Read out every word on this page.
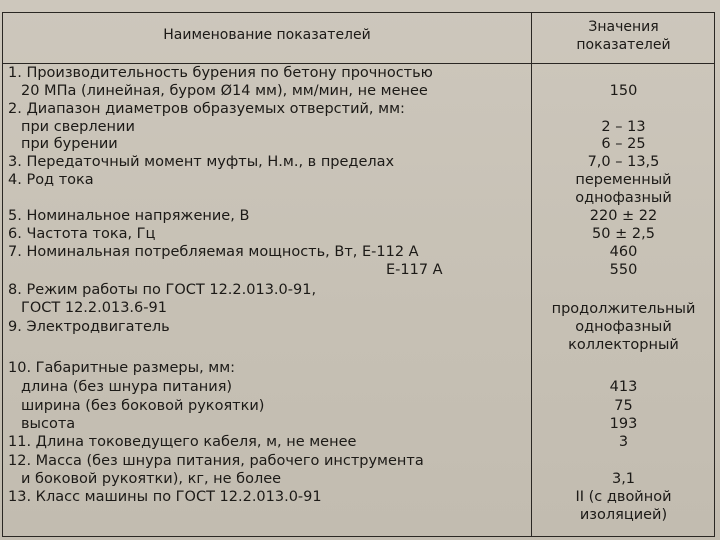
Наименование показателей	Значения
показателей
1. Производительность бурения по бетону прочностью
20 МПа (линейная, буром Ø14 мм), мм/мин, не менее	150
2. Диапазон диаметров образуемых отверстий, мм:
при сверлении	2 – 13
при бурении	6 – 25
3. Передаточный момент муфты, Н.м., в пределах	7,0 – 13,5
4. Род тока	переменный
однофазный
5. Номинальное напряжение, В	220 ± 22
6. Частота тока, Гц	50 ± 2,5
7. Номинальная потребляемая мощность, Вт, Е-112 А	460
Е-117 А	550
8. Режим работы по ГОСТ 12.2.013.0-91,
ГОСТ 12.2.013.6-91	продолжительный
9. Электродвигатель	однофазный
коллекторный
10. Габаритные размеры, мм:
длина (без шнура питания)	413
ширина (без боковой рукоятки)	75
высота	193
11. Длина токоведущего кабеля, м, не менее	3
12. Масса (без шнура питания, рабочего инструмента
и боковой рукоятки), кг, не более	3,1
13. Класс машины по ГОСТ 12.2.013.0-91	II (с двойной
изоляцией)
